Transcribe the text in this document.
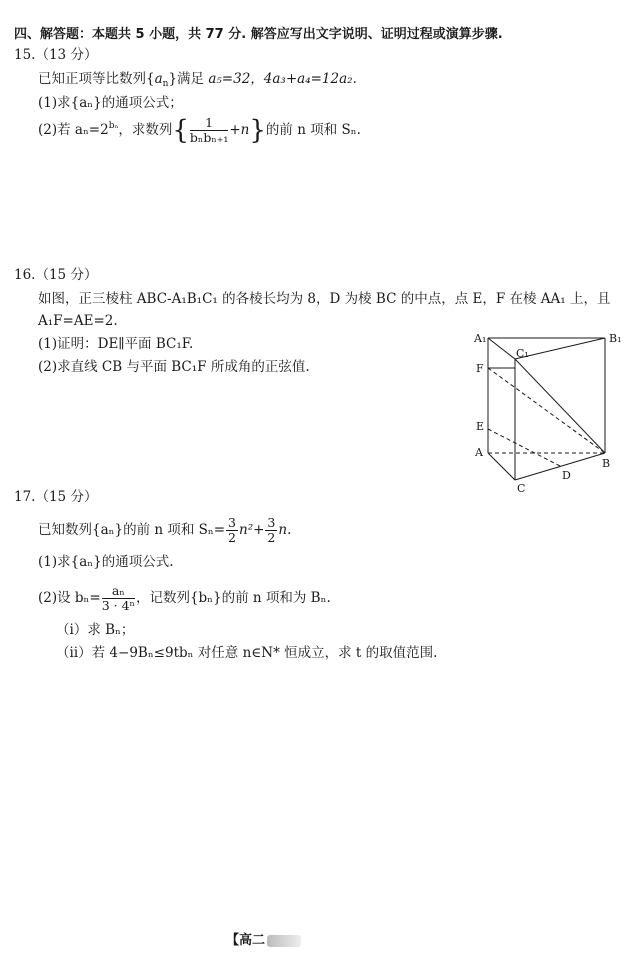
四、解答题：本题共 5 小题，共 77 分. 解答应写出文字说明、证明过程或演算步骤.
15.（13 分）
已知正项等比数列$\{a_n\}$满足 a₅=32，4a₃+a₄=12a₂.
(1)求{aₙ}的通项公式；
(2)若 $a_n=2^{b_n}$，求数列{ $\frac{1}{\text{bₙbₙ₊₁}} +n$}的前 n 项和 Sₙ.
16.（15 分）
如图，正三棱柱 ABC-A₁B₁C₁ 的各棱长均为 8，D 为棱 BC 的中点，点 E，F 在棱 AA₁ 上，且
A₁F=AE=2.
(1)证明：DE∥平面 BC₁F.
(2)求直线 CB 与平面 BC₁F 所成角的正弦值.
A₁	B₁
C₁
F
E
A
B
C
D
17.（15 分）
已知数列{aₙ}的前 n 项和 $S_n= \frac{3}{2} n^2+ \frac{3}{2} n$.
(1)求{aₙ}的通项公式.
(2)设 $b_n= \frac{\text{aₙ}}{\text{3 · 4ⁿ}}$ ，记数列{bₙ}的前 n 项和为 Bₙ.
（ⅰ）求 Bₙ；
（ⅱ）若 4−9Bₙ≤9tbₙ 对任意 n∈N* 恒成立，求 t 的取值范围.
【高二
